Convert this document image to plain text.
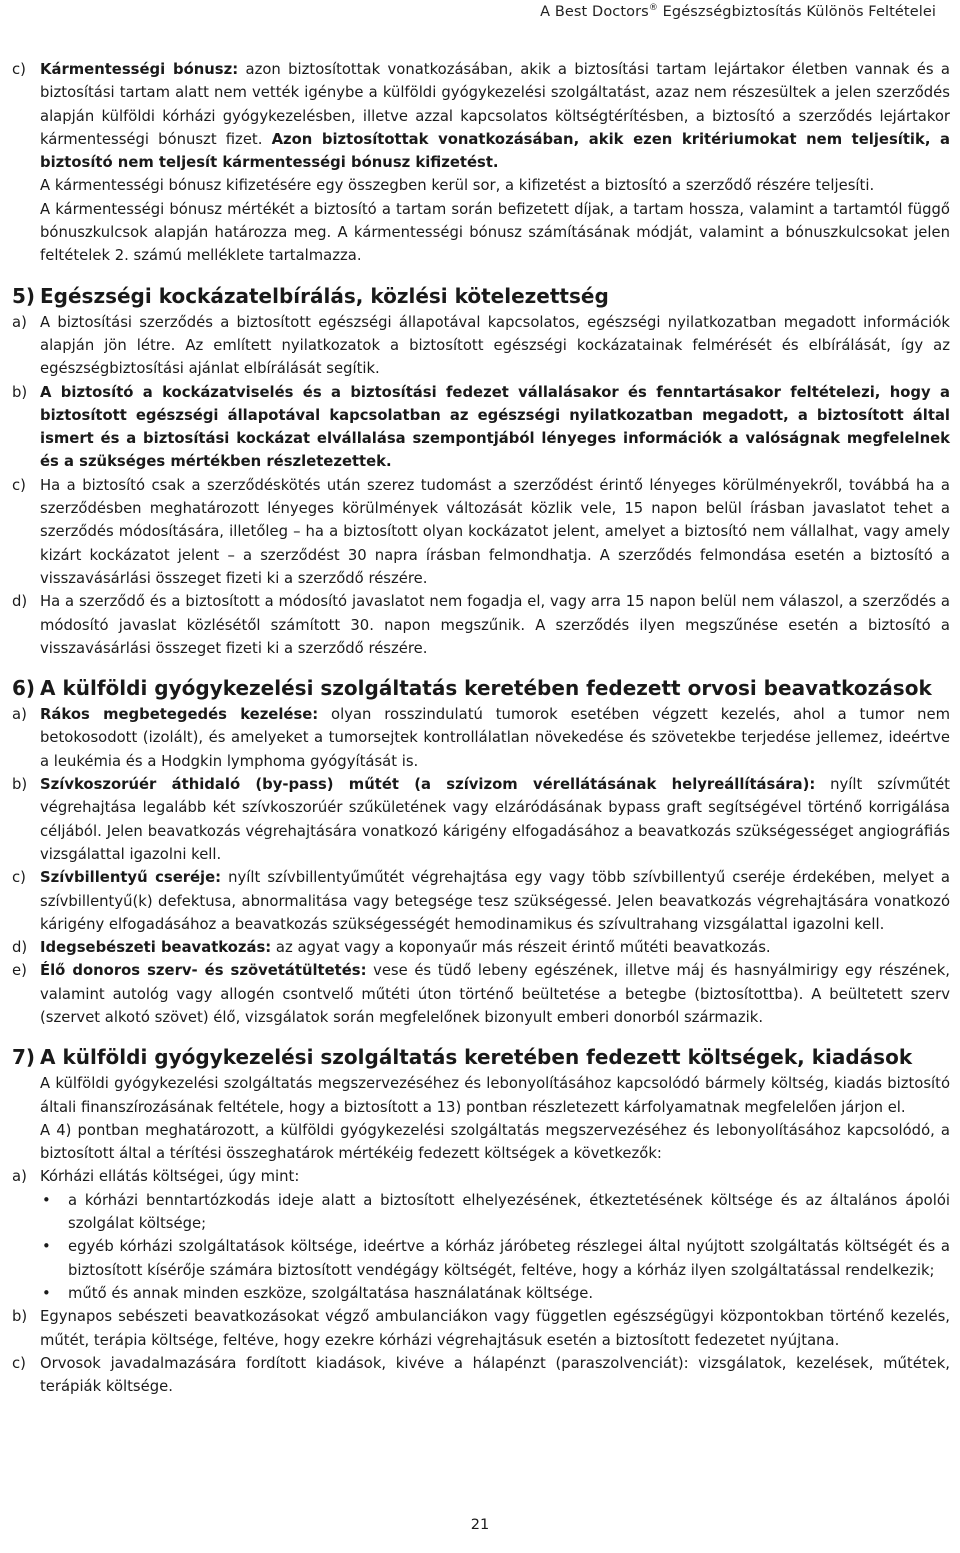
A Best Doctors® Egészségbiztosítás Különös Feltételei
c) Kármentességi bónusz: azon biztosítottak vonatkozásában, akik a biztosítási tartam lejártakor életben vannak és a biztosítási tartam alatt nem vették igénybe a külföldi gyógykezelési szolgáltatást, azaz nem részesültek a jelen szerződés alapján külföldi kórházi gyógykezelésben, illetve azzal kapcsolatos költségtérítésben, a biztosító a szerződés lejártakor kármentességi bónuszt fizet. Azon biztosítottak vonatkozásában, akik ezen kritériumokat nem teljesítik, a biztosító nem teljesít kármentességi bónusz kifizetést.
A kármentességi bónusz kifizetésére egy összegben kerül sor, a kifizetést a biztosító a szerződő részére teljesíti.
A kármentességi bónusz mértékét a biztosító a tartam során befizetett díjak, a tartam hossza, valamint a tartamtól függő bónuszkulcsok alapján határozza meg. A kármentességi bónusz számításának módját, valamint a bónuszkulcsokat jelen feltételek 2. számú melléklete tartalmazza.
5) Egészségi kockázatelbírálás, közlési kötelezettség
a) A biztosítási szerződés a biztosított egészségi állapotával kapcsolatos, egészségi nyilatkozatban megadott információk alapján jön létre. Az említett nyilatkozatok a biztosított egészségi kockázatainak felmérését és elbírálását, így az egészségbiztosítási ajánlat elbírálását segítik.
b) A biztosító a kockázatviselés és a biztosítási fedezet vállalásakor és fenntartásakor feltételezi, hogy a biztosított egészségi állapotával kapcsolatban az egészségi nyilatkozatban megadott, a biztosított által ismert és a biztosítási kockázat elvállalása szempontjából lényeges információk a valóságnak megfelelnek és a szükséges mértékben részletezettek.
c) Ha a biztosító csak a szerződéskötés után szerez tudomást a szerződést érintő lényeges körülményekről, továbbá ha a szerződésben meghatározott lényeges körülmények változását közlik vele, 15 napon belül írásban javaslatot tehet a szerződés módosítására, illetőleg – ha a biztosított olyan kockázatot jelent, amelyet a biztosító nem vállalhat, vagy amely kizárt kockázatot jelent – a szerződést 30 napra írásban felmondhatja. A szerződés felmondása esetén a biztosító a visszavásárlási összeget fizeti ki a szerződő részére.
d) Ha a szerződő és a biztosított a módosító javaslatot nem fogadja el, vagy arra 15 napon belül nem válaszol, a szerződés a módosító javaslat közlésétől számított 30. napon megszűnik. A szerződés ilyen megszűnése esetén a biztosító a visszavásárlási összeget fizeti ki a szerződő részére.
6) A külföldi gyógykezelési szolgáltatás keretében fedezett orvosi beavatkozások
a) Rákos megbetegedés kezelése: olyan rosszindulatú tumorok esetében végzett kezelés, ahol a tumor nem betokosodott (izolált), és amelyeket a tumorsejtek kontrollálatlan növekedése és szövetekbe terjedése jellemez, ideértve a leukémia és a Hodgkin lymphoma gyógyítását is.
b) Szívkoszorúér áthidaló (by-pass) műtét (a szívizom vérellátásának helyreállítására): nyílt szívműtét végrehajtása legalább két szívkoszorúér szűkületének vagy elzáródásának bypass graft segítségével történő korrigálása céljából. Jelen beavatkozás végrehajtására vonatkozó kárigény elfogadásához a beavatkozás szükségességet angiográfiás vizsgálattal igazolni kell.
c) Szívbillentyű cseréje: nyílt szívbillentyűműtét végrehajtása egy vagy több szívbillentyű cseréje érdekében, melyet a szívbillentyű(k) defektusa, abnormalitása vagy betegsége tesz szükségessé. Jelen beavatkozás végrehajtására vonatkozó kárigény elfogadásához a beavatkozás szükségességét hemodinamikus és szívultrahang vizsgálattal igazolni kell.
d) Idegsebészeti beavatkozás: az agyat vagy a koponyaűr más részeit érintő műtéti beavatkozás.
e) Élő donoros szerv- és szövetátültetés: vese és tüdő lebeny egészének, illetve máj és hasnyálmirigy egy részének, valamint autológ vagy allogén csontvelő műtéti úton történő beültetése a betegbe (biztosítottba). A beültetett szerv (szervet alkotó szövet) élő, vizsgálatok során megfelelőnek bizonyult emberi donorból származik.
7) A külföldi gyógykezelési szolgáltatás keretében fedezett költségek, kiadások
A külföldi gyógykezelési szolgáltatás megszervezéséhez és lebonyolításához kapcsolódó bármely költség, kiadás biztosító általi finanszírozásának feltétele, hogy a biztosított a 13) pontban részletezett kárfolyamatnak megfelelően járjon el.
A 4) pontban meghatározott, a külföldi gyógykezelési szolgáltatás megszervezéséhez és lebonyolításához kapcsolódó, a biztosított által a térítési összeghatárok mértékéig fedezett költségek a következők:
a) Kórházi ellátás költségei, úgy mint:
•	a kórházi benntartózkodás ideje alatt a biztosított elhelyezésének, étkeztetésének költsége és az általános ápolói szolgálat költsége;
•	egyéb kórházi szolgáltatások költsége, ideértve a kórház járóbeteg részlegei által nyújtott szolgáltatás költségét és a biztosított kísérője számára biztosított vendégágy költségét, feltéve, hogy a kórház ilyen szolgáltatással rendelkezik;
•	műtő és annak minden eszköze, szolgáltatása használatának költsége.
b) Egynapos sebészeti beavatkozásokat végző ambulanciákon vagy független egészségügyi központokban történő kezelés, műtét, terápia költsége, feltéve, hogy ezekre kórházi végrehajtásuk esetén a biztosított fedezetet nyújtana.
c) Orvosok javadalmazására fordított kiadások, kivéve a hálapénzt (paraszolvenciát): vizsgálatok, kezelések, műtétek, terápiák költsége.
21
